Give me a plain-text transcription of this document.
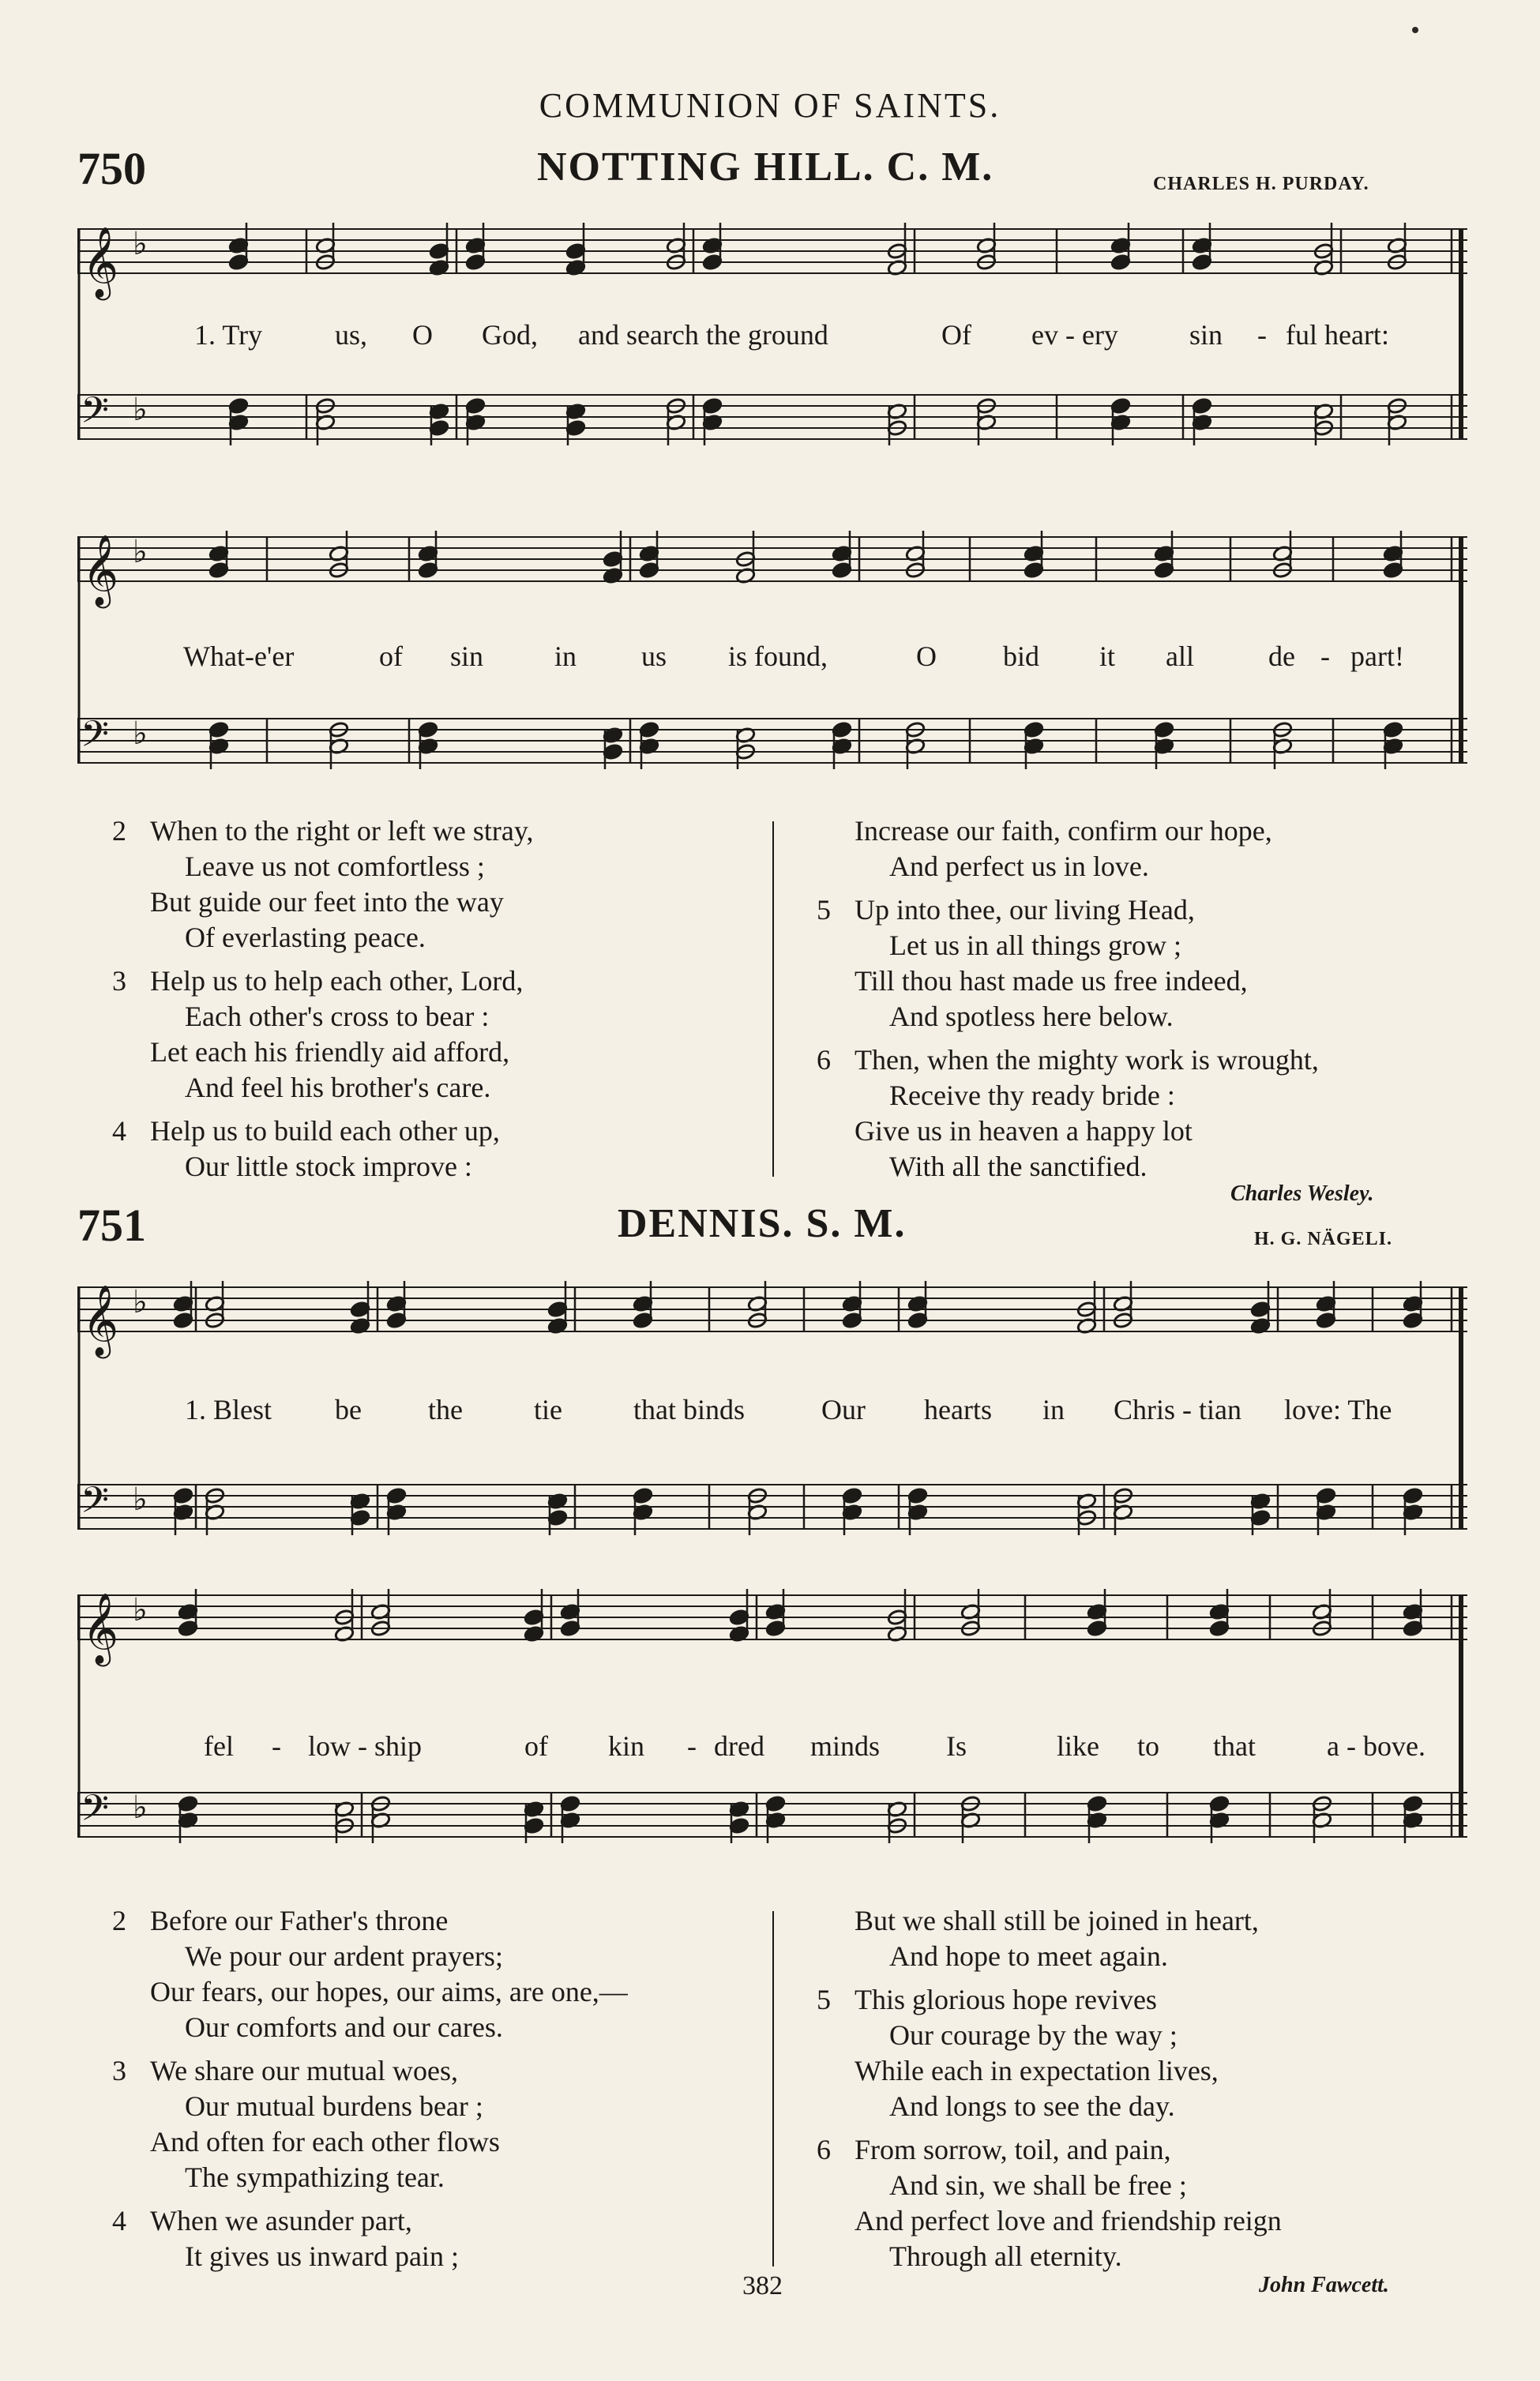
COMMUNION OF SAINTS.
750	NOTTING HILL. C. M.	CHARLES H. PURDAY.
𝄞 ♭
𝄢 ♭
1. Try	us, O God, and search the ground	Of ev - ery	sin - ful heart:
𝄞 ♭
𝄢 ♭
What-e'er	of sin in us is found,	O bid it all	de - part!
2 When to the right or left we stray,
Leave us not comfortless ;
But guide our feet into the way
Of everlasting peace.
3 Help us to help each other, Lord,
Each other's cross to bear :
Let each his friendly aid afford,
And feel his brother's care.
4 Help us to build each other up,
Our little stock improve :
Increase our faith, confirm our hope,
And perfect us in love.
5 Up into thee, our living Head,
Let us in all things grow ;
Till thou hast made us free indeed,
And spotless here below.
6 Then, when the mighty work is wrought,
Receive thy ready bride :
Give us in heaven a happy lot
With all the sanctified.
Charles Wesley.
751	DENNIS. S. M.	H. G. NÄGELI.
𝄞 ♭
𝄢 ♭
1. Blest be the	tie	that binds	Our hearts in Chris - tian love: The
𝄞 ♭
𝄢 ♭
fel - low - ship	of kin - dred minds Is	like to that	a - bove.
2 Before our Father's throne
We pour our ardent prayers;
Our fears, our hopes, our aims, are one,—
Our comforts and our cares.
3 We share our mutual woes,
Our mutual burdens bear ;
And often for each other flows
The sympathizing tear.
4 When we asunder part,
It gives us inward pain ;
But we shall still be joined in heart,
And hope to meet again.
5 This glorious hope revives
Our courage by the way ;
While each in expectation lives,
And longs to see the day.
6 From sorrow, toil, and pain,
And sin, we shall be free ;
And perfect love and friendship reign
Through all eternity.
382	John Fawcett.
